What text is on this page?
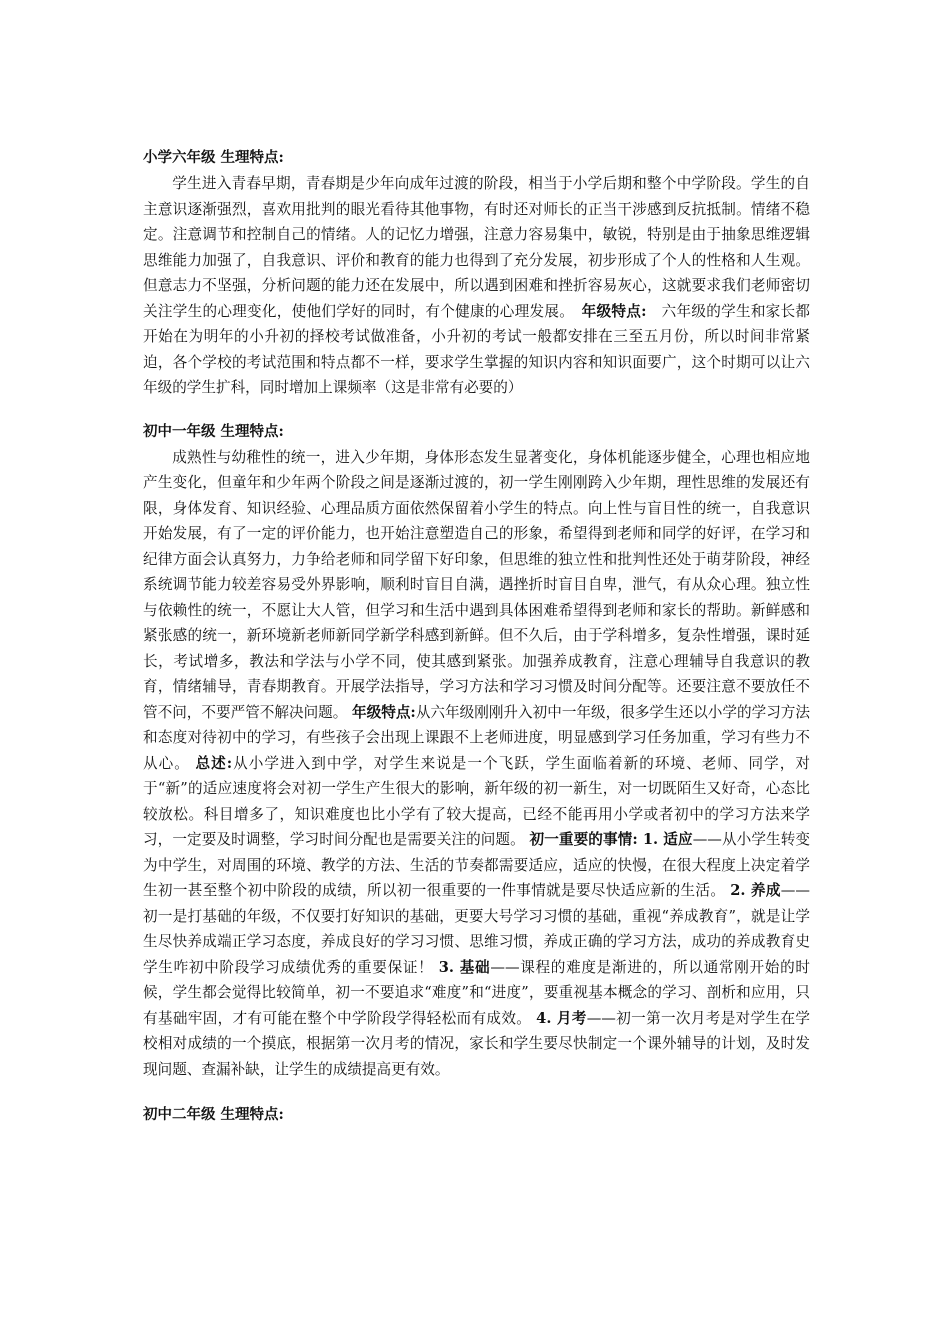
小学六年级 生理特点:

学生进入青春早期，青春期是少年向成年过渡的阶段，相当于小学后期和整个中学阶段。学生的自主意识逐渐强烈，喜欢用批判的眼光看待其他事物，有时还对师长的正当干涉感到反抗抵制。情绪不稳定。注意调节和控制自己的情绪。人的记忆力增强，注意力容易集中，敏锐，特别是由于抽象思维逻辑思维能力加强了，自我意识、评价和教育的能力也得到了充分发展，初步形成了个人的性格和人生观。但意志力不坚强，分析问题的能力还在发展中，所以遇到困难和挫折容易灰心，这就要求我们老师密切关注学生的心理变化，使他们学好的同时，有个健康的心理发展。　年级特点:　六年级的学生和家长都开始在为明年的小升初的择校考试做准备，小升初的考试一般都安排在三至五月份，所以时间非常紧迫，各个学校的考试范围和特点都不一样，要求学生掌握的知识内容和知识面要广，这个时期可以让六年级的学生扩科，同时增加上课频率（这是非常有必要的）

初中一年级 生理特点:

成熟性与幼稚性的统一，进入少年期，身体形态发生显著变化，身体机能逐步健全，心理也相应地产生变化，但童年和少年两个阶段之间是逐渐过渡的，初一学生刚刚跨入少年期，理性思维的发展还有限，身体发育、知识经验、心理品质方面依然保留着小学生的特点。向上性与盲目性的统一，自我意识开始发展，有了一定的评价能力，也开始注意塑造自己的形象，希望得到老师和同学的好评，在学习和纪律方面会认真努力，力争给老师和同学留下好印象，但思维的独立性和批判性还处于萌芽阶段，神经系统调节能力较差容易受外界影响，顺利时盲目自满，遇挫折时盲目自卑，泄气，有从众心理。独立性与依赖性的统一，不愿让大人管，但学习和生活中遇到具体困难希望得到老师和家长的帮助。新鲜感和紧张感的统一，新环境新老师新同学新学科感到新鲜。但不久后，由于学科增多，复杂性增强，课时延长，考试增多，教法和学法与小学不同，使其感到紧张。加强养成教育，注意心理辅导自我意识的教育，情绪辅导，青春期教育。开展学法指导，学习方法和学习习惯及时间分配等。还要注意不要放任不管不问，不要严管不解决问题。 年级特点:从六年级刚刚升入初中一年级，很多学生还以小学的学习方法和态度对待初中的学习，有些孩子会出现上课跟不上老师进度，明显感到学习任务加重，学习有些力不从心。 总述:从小学进入到中学，对学生来说是一个飞跃，学生面临着新的环境、老师、同学，对于“新”的适应速度将会对初一学生产生很大的影响，新年级的初一新生，对一切既陌生又好奇，心态比较放松。科目增多了，知识难度也比小学有了较大提高，已经不能再用小学或者初中的学习方法来学习，一定要及时调整，学习时间分配也是需要关注的问题。 初一重要的事情: 1. 适应——从小学生转变为中学生，对周围的环境、教学的方法、生活的节奏都需要适应，适应的快慢，在很大程度上决定着学生初一甚至整个初中阶段的成绩，所以初一很重要的一件事情就是要尽快适应新的生活。 2. 养成——初一是打基础的年级，不仅要打好知识的基础，更要大号学习习惯的基础，重视“养成教育”，就是让学生尽快养成端正学习态度，养成良好的学习习惯、思维习惯，养成正确的学习方法，成功的养成教育史学生咋初中阶段学习成绩优秀的重要保证！ 3. 基础——课程的难度是渐进的，所以通常刚开始的时候，学生都会觉得比较简单，初一不要追求“难度”和“进度”，要重视基本概念的学习、剖析和应用，只有基础牢固，才有可能在整个中学阶段学得轻松而有成效。 4. 月考——初一第一次月考是对学生在学校相对成绩的一个摸底，根据第一次月考的情况，家长和学生要尽快制定一个课外辅导的计划，及时发现问题、查漏补缺，让学生的成绩提高更有效。

初中二年级 生理特点:
